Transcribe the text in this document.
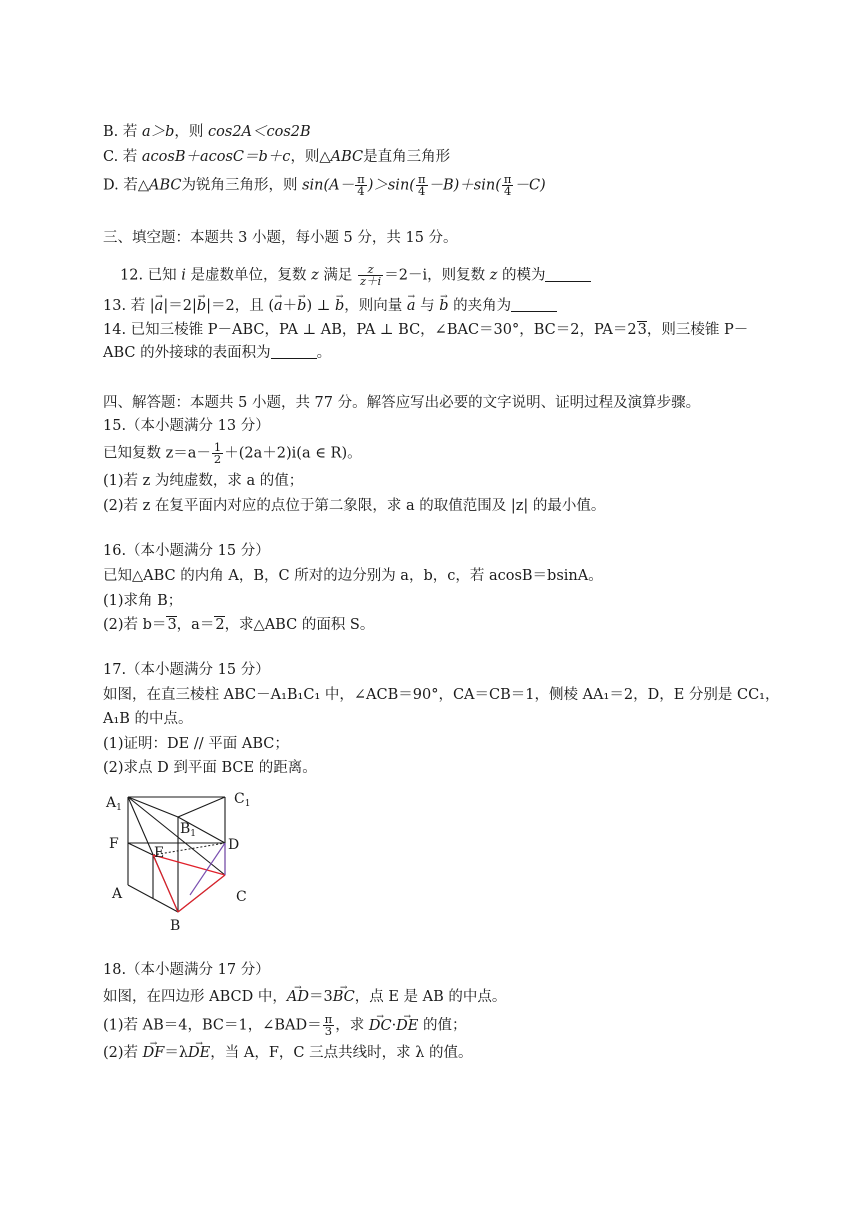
B. 若 a＞b，则 cos2A＜cos2B
C. 若 acosB＋acosC＝b＋c，则△ABC是直角三角形
D. 若△ABC为锐角三角形，则 $\sin(A- \frac{\pi}{4} )>\sin( \frac{\pi}{4} -B)+\sin( \frac{\pi}{4} -C)$
三、填空题：本题共 3 小题，每小题 5 分，共 15 分。
12. 已知 i 是虚数单位，复数 z 满足 $\frac{z}{z+i} =2-i$，则复数 z 的模为
13. 若 |→ a|＝2|→ b|＝2，且 (→ a＋→ b) ⊥ → b，则向量 → a 与 → b 的夹角为
14. 已知三棱锥 P－ABC，PA ⊥ AB，PA ⊥ BC，∠BAC＝30°，BC＝2，PA＝23，则三棱锥 P－
ABC 的外接球的表面积为	。
四、解答题：本题共 5 小题，共 77 分。解答应写出必要的文字说明、证明过程及演算步骤。
15.（本小题满分 13 分）
已知复数 $z=a- \frac{1}{2} +(2a+2)i(a$ ∈ R)。
(1)若 z 为纯虚数，求 a 的值；
(2)若 z 在复平面内对应的点位于第二象限，求 a 的取值范围及 |z| 的最小值。
16.（本小题满分 15 分）
已知△ABC 的内角 A，B，C 所对的边分别为 a，b，c，若 acosB＝bsinA。
(1)求角 B；
(2)若 b＝3，a＝2，求△ABC 的面积 S。
17.（本小题满分 15 分）
如图，在直三棱柱 ABC－A₁B₁C₁ 中，∠ACB＝90°，CA＝CB＝1，侧棱 AA₁＝2，D，E 分别是 CC₁，
A₁B 的中点。
(1)证明：DE // 平面 ABC；
(2)求点 D 到平面 BCE 的距离。
$A_1$
$C_1$
$B_1$
F
E	D
A	C
B
18.（本小题满分 17 分）
如图，在四边形 ABCD 中，→ AD＝3→ BC，点 E 是 AB 的中点。
(1)若 AB＝4，BC＝1，∠BAD＝ $\frac{\pi}{3}$ ，求 → DC·→ DE 的值；
(2)若 → DF＝λ→ DE，当 A，F，C 三点共线时，求 λ 的值。
